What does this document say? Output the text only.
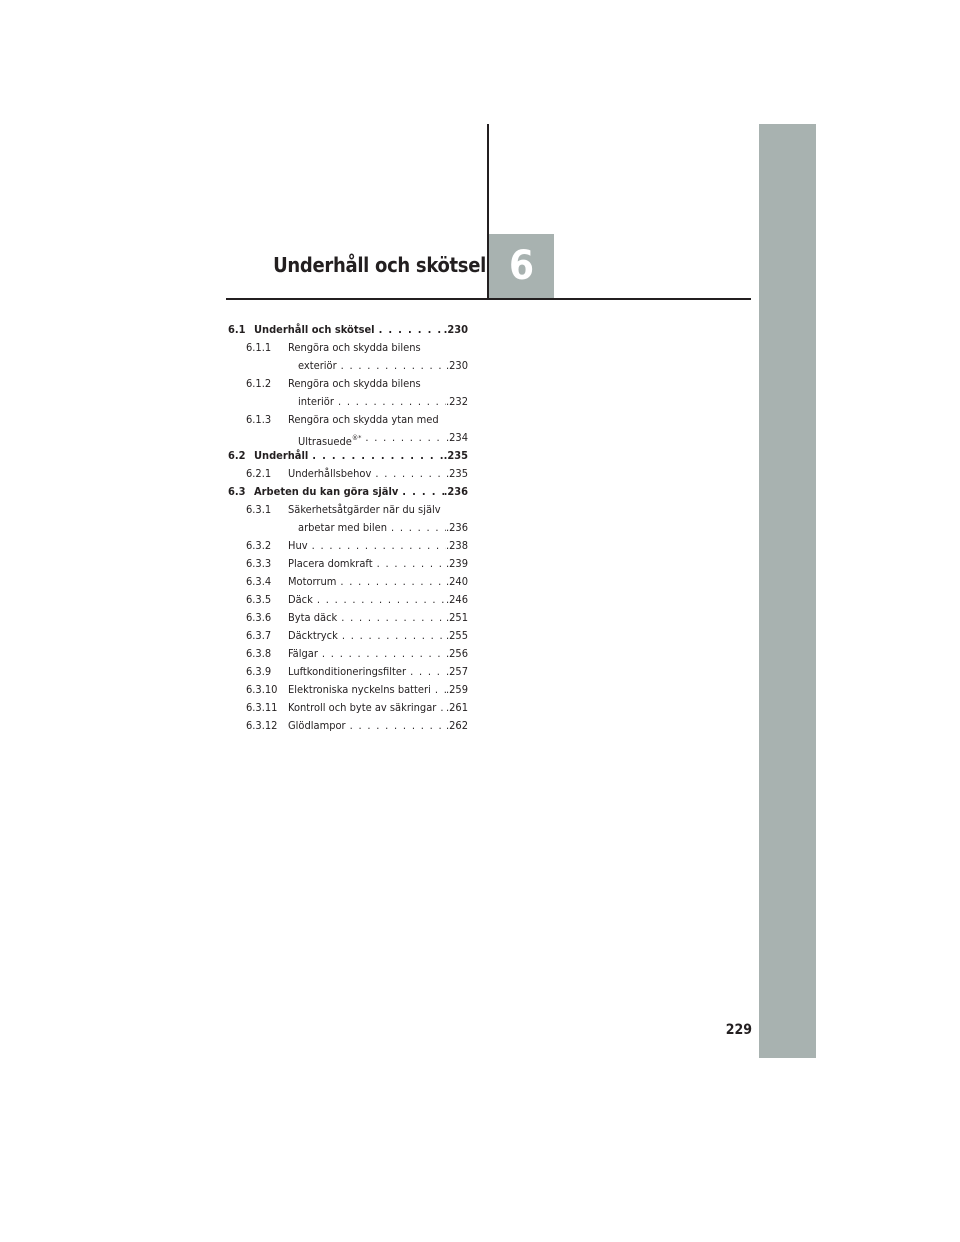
Underhåll och skötsel 6
6.1 Underhåll och skötsel . . .	.230
6.1.1 Rengöra och skydda bilens
exteriör . . .	.230
6.1.2 Rengöra och skydda bilens
interiör . . .	.232
6.1.3 Rengöra och skydda ytan med
Ultrasuede®* . . .	.234
6.2 Underhåll . . .	.235
6.2.1 Underhållsbehov . . .	.235
6.3 Arbeten du kan göra själv . . .	.236
6.3.1 Säkerhetsåtgärder när du själv
arbetar med bilen . . .	.236
6.3.2 Huv . . .	.238
6.3.3 Placera domkraft . . .	.239
6.3.4 Motorrum . . .	.240
6.3.5 Däck . . .	.246
6.3.6 Byta däck . . .	.251
6.3.7 Däcktryck . . .	.255
6.3.8 Fälgar . . .	.256
6.3.9 Luftkonditioneringsfilter . . .	.257
6.3.10 Elektroniska nyckelns batteri . . . .259
6.3.11 Kontroll och byte av säkringar . . . .261
6.3.12 Glödlampor . . .	.262
229
